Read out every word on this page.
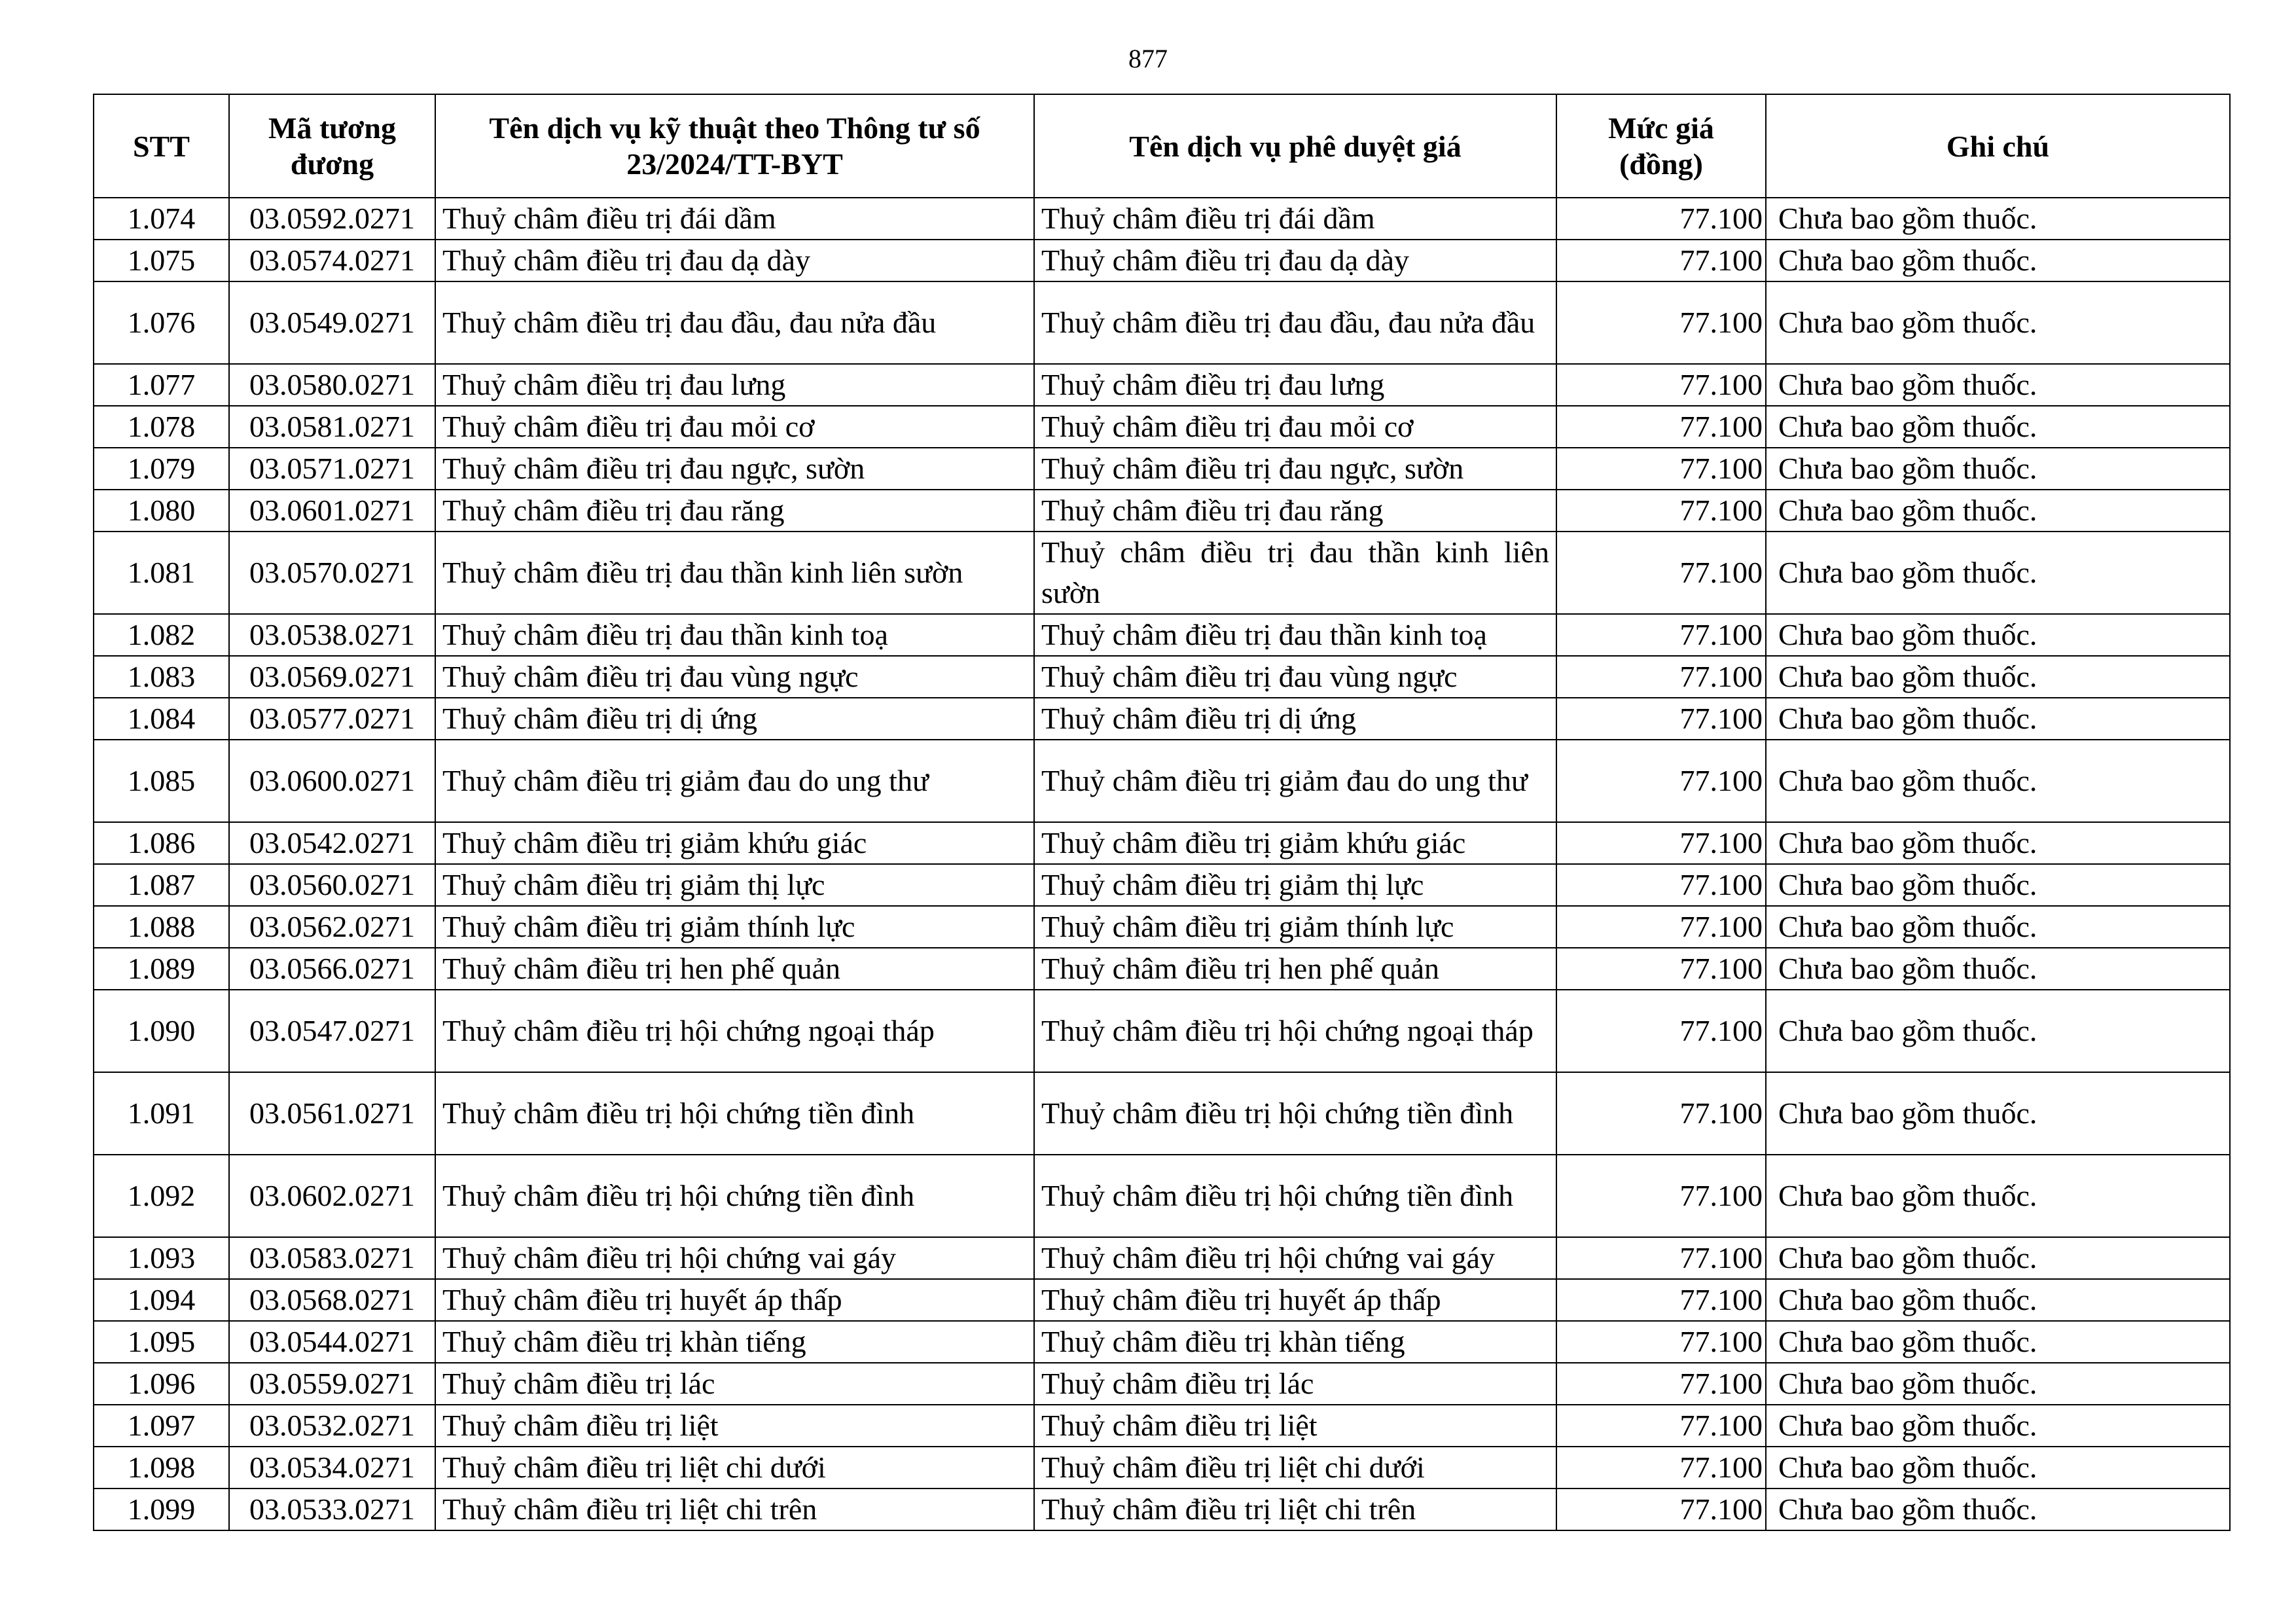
877
STT	Mã tương đương	Tên dịch vụ kỹ thuật theo Thông tư số 23/2024/TT-BYT	Tên dịch vụ phê duyệt giá	Mức giá (đồng)	Ghi chú
1.074	03.0592.0271	Thuỷ châm điều trị đái dầm	Thuỷ châm điều trị đái dầm	77.100	Chưa bao gồm thuốc.
1.075	03.0574.0271	Thuỷ châm điều trị đau dạ dày	Thuỷ châm điều trị đau dạ dày	77.100	Chưa bao gồm thuốc.
1.076	03.0549.0271	Thuỷ châm điều trị đau đầu, đau nửa đầu	Thuỷ châm điều trị đau đầu, đau nửa đầu	77.100	Chưa bao gồm thuốc.
1.077	03.0580.0271	Thuỷ châm điều trị đau lưng	Thuỷ châm điều trị đau lưng	77.100	Chưa bao gồm thuốc.
1.078	03.0581.0271	Thuỷ châm điều trị đau mỏi cơ	Thuỷ châm điều trị đau mỏi cơ	77.100	Chưa bao gồm thuốc.
1.079	03.0571.0271	Thuỷ châm điều trị đau ngực, sườn	Thuỷ châm điều trị đau ngực, sườn	77.100	Chưa bao gồm thuốc.
1.080	03.0601.0271	Thuỷ châm điều trị đau răng	Thuỷ châm điều trị đau răng	77.100	Chưa bao gồm thuốc.
1.081	03.0570.0271	Thuỷ châm điều trị đau thần kinh liên sườn	Thuỷ châm điều trị đau thần kinh liên sườn	77.100	Chưa bao gồm thuốc.
1.082	03.0538.0271	Thuỷ châm điều trị đau thần kinh toạ	Thuỷ châm điều trị đau thần kinh toạ	77.100	Chưa bao gồm thuốc.
1.083	03.0569.0271	Thuỷ châm điều trị đau vùng ngực	Thuỷ châm điều trị đau vùng ngực	77.100	Chưa bao gồm thuốc.
1.084	03.0577.0271	Thuỷ châm điều trị dị ứng	Thuỷ châm điều trị dị ứng	77.100	Chưa bao gồm thuốc.
1.085	03.0600.0271	Thuỷ châm điều trị giảm đau do ung thư	Thuỷ châm điều trị giảm đau do ung thư	77.100	Chưa bao gồm thuốc.
1.086	03.0542.0271	Thuỷ châm điều trị giảm khứu giác	Thuỷ châm điều trị giảm khứu giác	77.100	Chưa bao gồm thuốc.
1.087	03.0560.0271	Thuỷ châm điều trị giảm thị lực	Thuỷ châm điều trị giảm thị lực	77.100	Chưa bao gồm thuốc.
1.088	03.0562.0271	Thuỷ châm điều trị giảm thính lực	Thuỷ châm điều trị giảm thính lực	77.100	Chưa bao gồm thuốc.
1.089	03.0566.0271	Thuỷ châm điều trị hen phế quản	Thuỷ châm điều trị hen phế quản	77.100	Chưa bao gồm thuốc.
1.090	03.0547.0271	Thuỷ châm điều trị hội chứng ngoại tháp	Thuỷ châm điều trị hội chứng ngoại tháp	77.100	Chưa bao gồm thuốc.
1.091	03.0561.0271	Thuỷ châm điều trị hội chứng tiền đình	Thuỷ châm điều trị hội chứng tiền đình	77.100	Chưa bao gồm thuốc.
1.092	03.0602.0271	Thuỷ châm điều trị hội chứng tiền đình	Thuỷ châm điều trị hội chứng tiền đình	77.100	Chưa bao gồm thuốc.
1.093	03.0583.0271	Thuỷ châm điều trị hội chứng vai gáy	Thuỷ châm điều trị hội chứng vai gáy	77.100	Chưa bao gồm thuốc.
1.094	03.0568.0271	Thuỷ châm điều trị huyết áp thấp	Thuỷ châm điều trị huyết áp thấp	77.100	Chưa bao gồm thuốc.
1.095	03.0544.0271	Thuỷ châm điều trị khàn tiếng	Thuỷ châm điều trị khàn tiếng	77.100	Chưa bao gồm thuốc.
1.096	03.0559.0271	Thuỷ châm điều trị lác	Thuỷ châm điều trị lác	77.100	Chưa bao gồm thuốc.
1.097	03.0532.0271	Thuỷ châm điều trị liệt	Thuỷ châm điều trị liệt	77.100	Chưa bao gồm thuốc.
1.098	03.0534.0271	Thuỷ châm điều trị liệt chi dưới	Thuỷ châm điều trị liệt chi dưới	77.100	Chưa bao gồm thuốc.
1.099	03.0533.0271	Thuỷ châm điều trị liệt chi trên	Thuỷ châm điều trị liệt chi trên	77.100	Chưa bao gồm thuốc.
